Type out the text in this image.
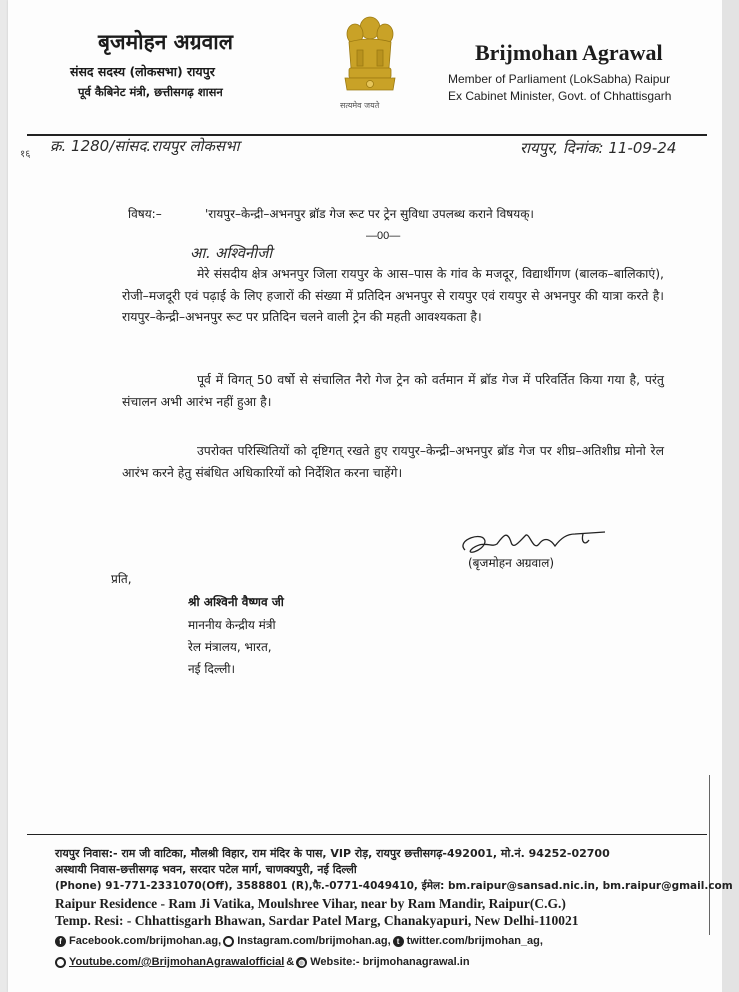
बृजमोहन अग्रवाल
संसद सदस्य (लोकसभा) रायपुर
पूर्व कैबिनेट मंत्री, छत्तीसगढ़ शासन
सत्यमेव जयते
Brijmohan Agrawal
Member of Parliament (LokSabha) Raipur
Ex Cabinet Minister, Govt. of Chhattisgarh
१६ क्र. 1280/सांसद.रायपुर लोकसभा	रायपुर, दिनांक: 11-09-24
विषय:–	'रायपुर–केन्द्री–अभनपुर ब्रॉड गेज रूट पर ट्रेन सुविधा उपलब्ध कराने विषयक्।
—00—
आ. अश्विनीजी
मेरे संसदीय क्षेत्र अभनपुर जिला रायपुर के आस–पास के गांव के मजदूर, विद्यार्थीगण (बालक–बालिकाएं), रोजी–मजदूरी एवं पढ़ाई के लिए हजारों की संख्या में प्रतिदिन अभनपुर से रायपुर एवं रायपुर से अभनपुर की यात्रा करते है। रायपुर–केन्द्री–अभनपुर रूट पर प्रतिदिन चलने वाली ट्रेन की महती आवश्यकता है।
पूर्व में विगत् 50 वर्षो से संचालित नैरो गेज ट्रेन को वर्तमान में ब्रॉड गेज में परिवर्तित किया गया है, परंतु संचालन अभी आरंभ नहीं हुआ है।
उपरोक्त परिस्थितियों को दृष्टिगत् रखते हुए रायपुर–केन्द्री–अभनपुर ब्रॉड गेज पर शीघ्र–अतिशीघ्र मोनो रेल आरंभ करने हेतु संबंधित अधिकारियों को निर्देशित करना चाहेंगे।
(बृजमोहन अग्रवाल)
प्रति,
श्री अश्विनी वैष्णव जी
माननीय केन्द्रीय मंत्री
रेल मंत्रालय, भारत,
नई दिल्ली।
रायपुर निवास:- राम जी वाटिका, मौलश्री विहार, राम मंदिर के पास, VIP रोड़, रायपुर छत्तीसगढ़-492001, मो.नं. 94252-02700
अस्थायी निवास-छत्तीसगढ़ भवन, सरदार पटेल मार्ग, चाणक्यपुरी, नई दिल्ली
(Phone) 91-771-2331070(Off), 3588801 (R),फै.-0771-4049410, ईमेल: bm.raipur@sansad.nic.in, bm.raipur@gmail.com
Raipur Residence - Ram Ji Vatika, Moulshree Vihar, near by Ram Mandir, Raipur(C.G.)
Temp. Resi: - Chhattisgarh Bhawan, Sardar Patel Marg, Chanakyapuri, New Delhi-110021
f Facebook.com/brijmohan.ag, Instagram.com/brijmohan.ag, t twitter.com/brijmohan_ag,
Youtube.com/@BrijmohanAgrawalofficial & ◍ Website:- brijmohanagrawal.in
